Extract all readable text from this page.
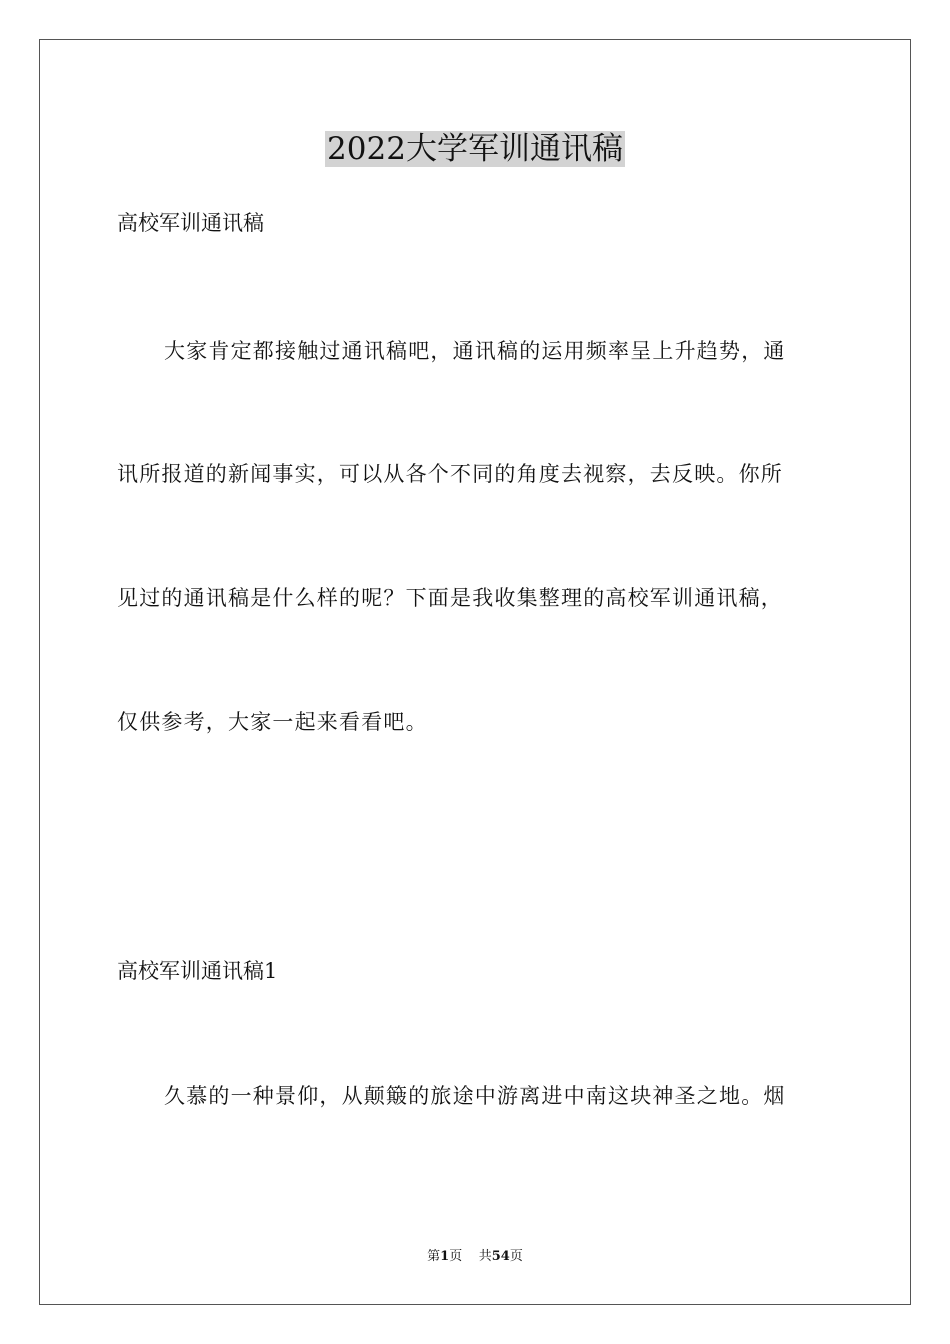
2022大学军训通讯稿

高校军训通讯稿

大家肯定都接触过通讯稿吧，通讯稿的运用频率呈上升趋势，通

讯所报道的新闻事实，可以从各个不同的角度去视察，去反映。你所

见过的通讯稿是什么样的呢？下面是我收集整理的高校军训通讯稿，

仅供参考，大家一起来看看吧。

高校军训通讯稿1

久慕的一种景仰，从颠簸的旅途中游离进中南这块神圣之地。烟

第1页 共54页
